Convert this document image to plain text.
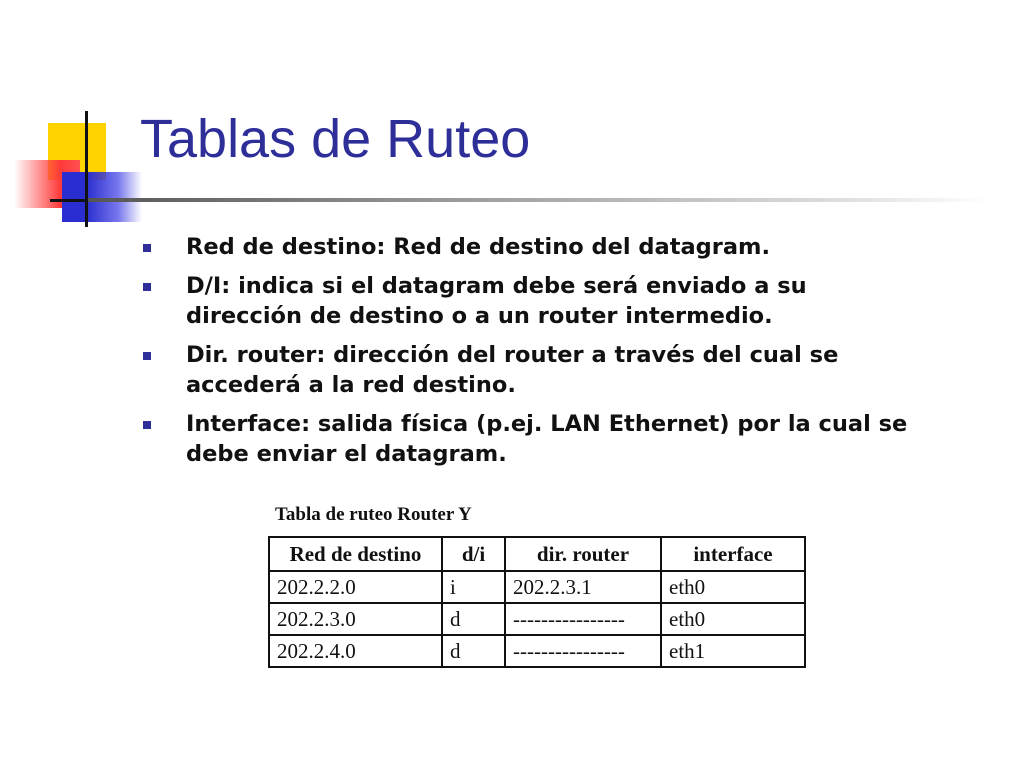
Tablas de Ruteo
Red de destino: Red de destino del datagram.
D/I: indica si el datagram debe será enviado a su dirección de destino o a un router intermedio.
Dir. router: dirección del router a través del cual se accederá a la red destino.
Interface: salida física (p.ej. LAN Ethernet) por la cual se debe enviar el datagram.
Tabla de ruteo Router Y
Red de destino	d/i	dir. router	interface
202.2.2.0	i	202.2.3.1	eth0
202.2.3.0	d	----------------	eth0
202.2.4.0	d	----------------	eth1
